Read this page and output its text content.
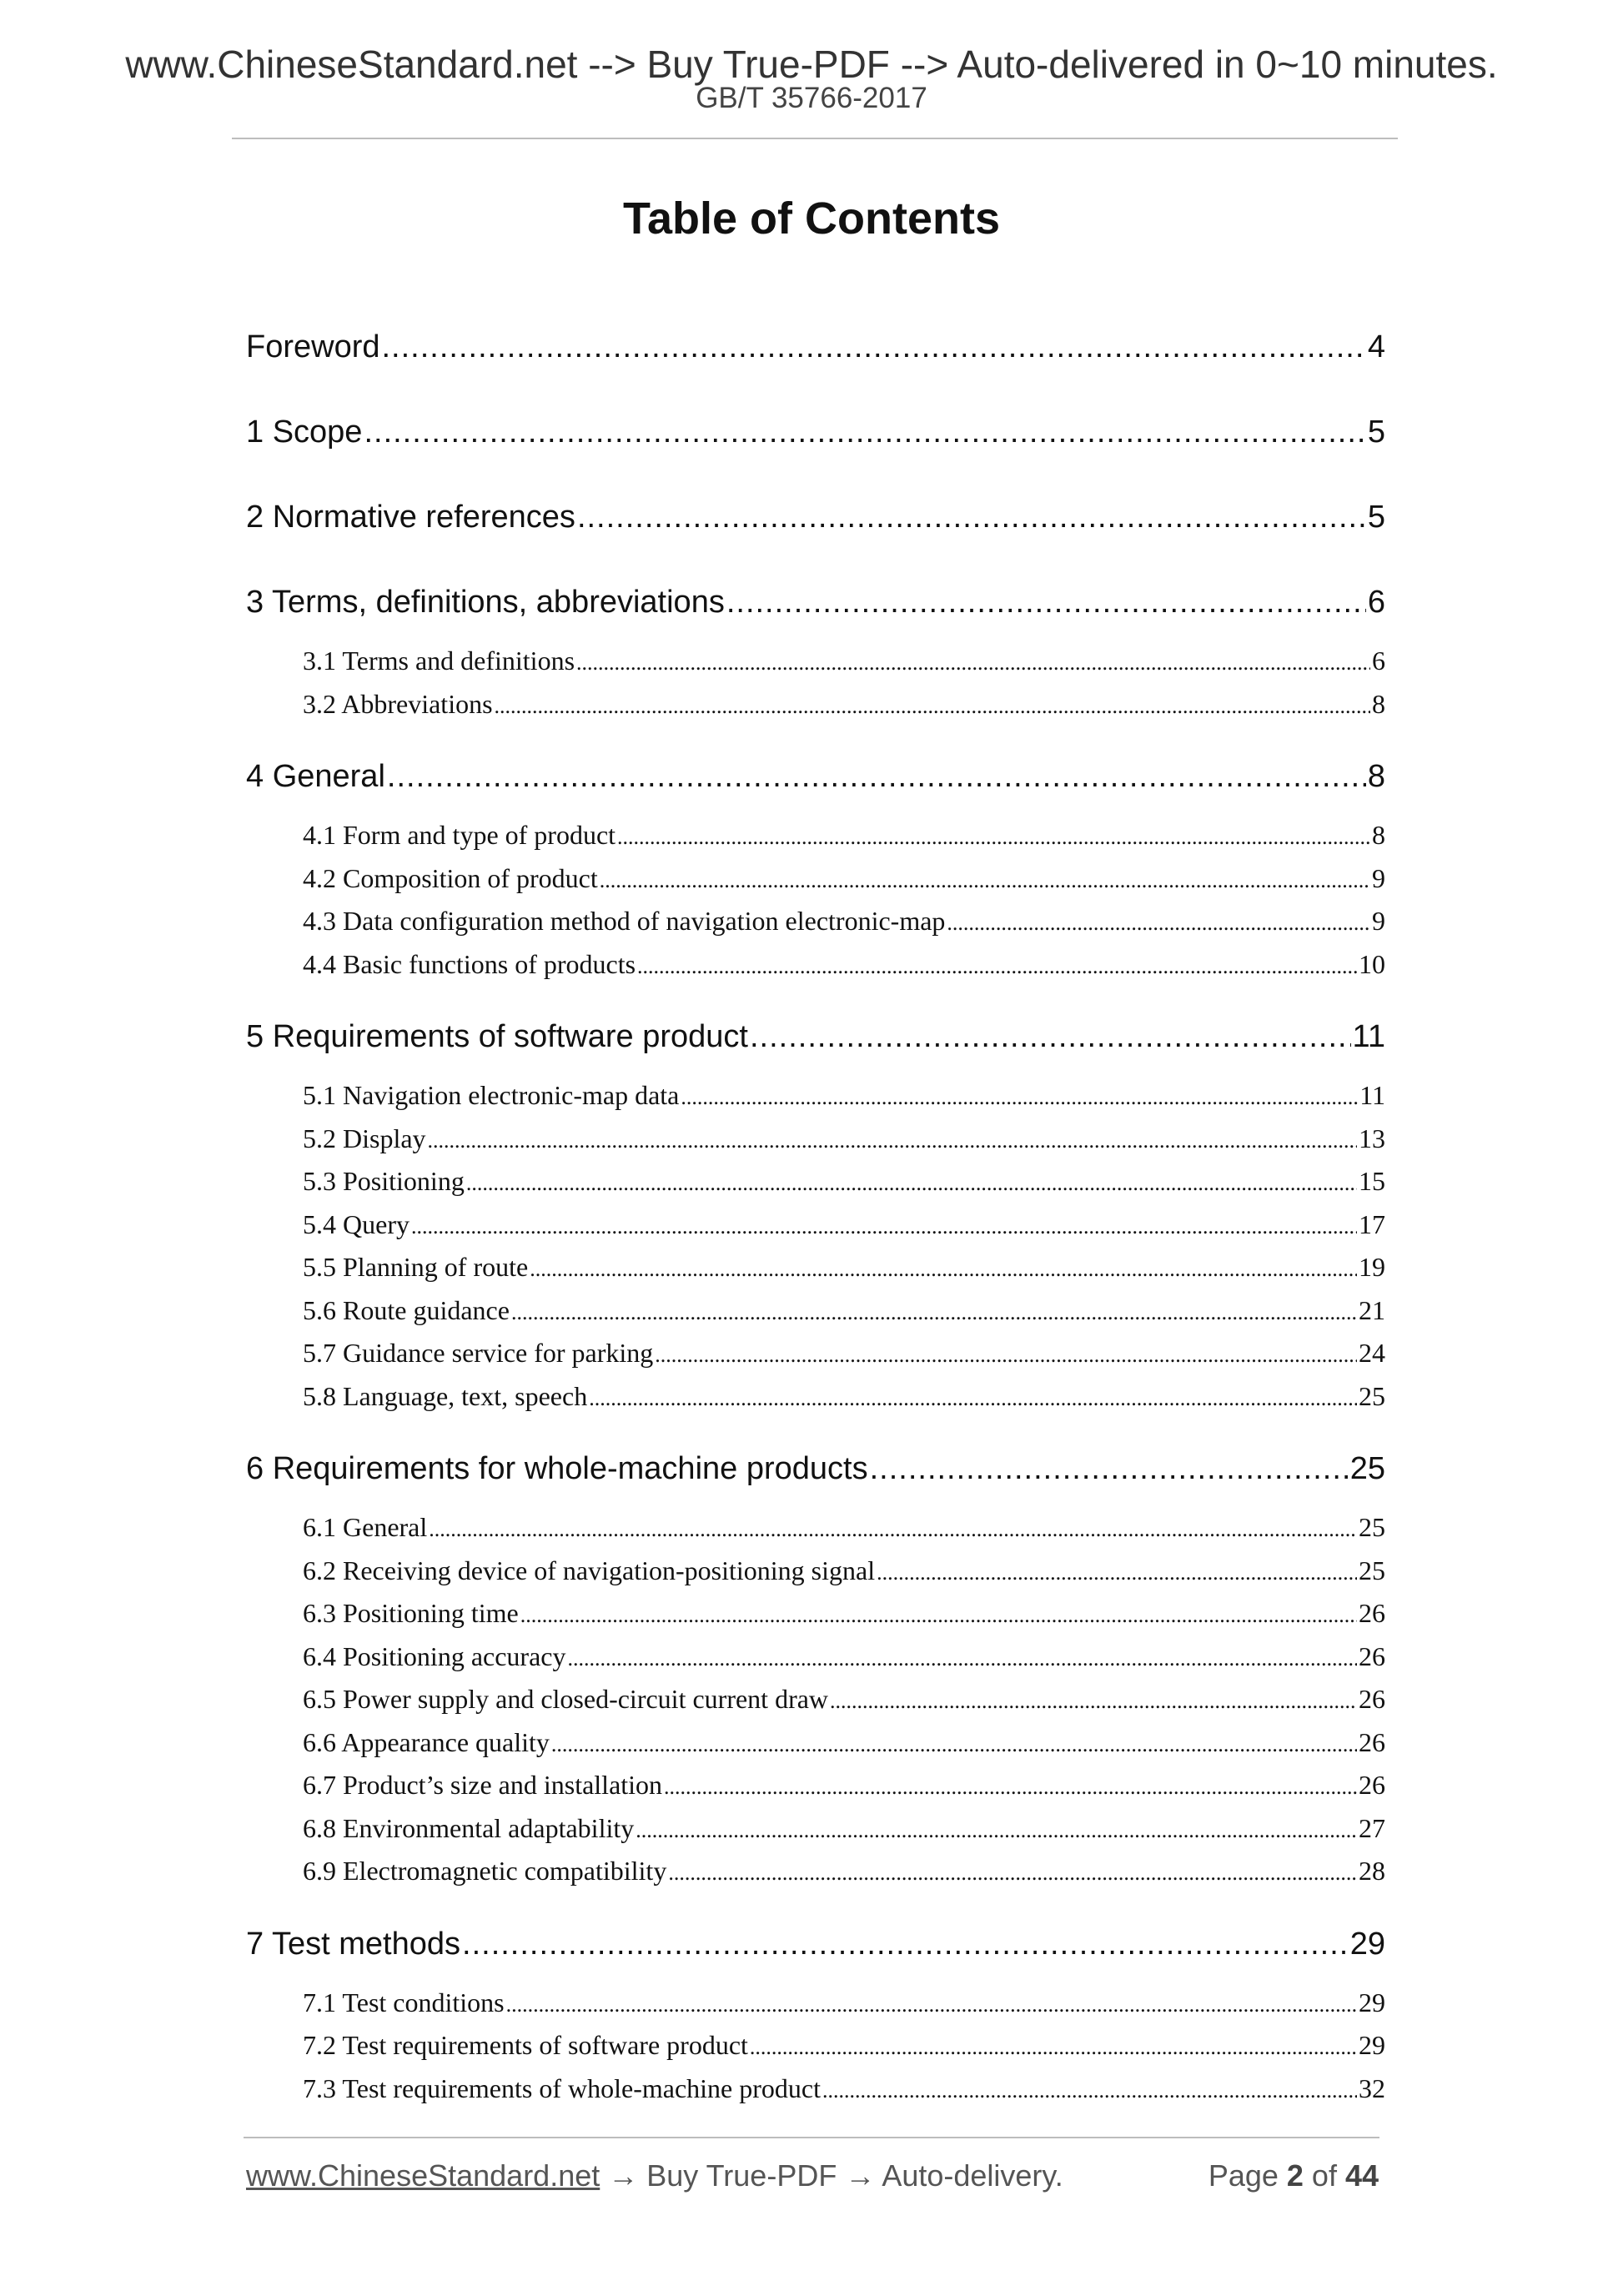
www.ChineseStandard.net --> Buy True-PDF --> Auto-delivered in 0~10 minutes.
GB/T 35766-2017
Table of Contents
Foreword .....	4
1 Scope .....	5
2 Normative references .....	5
3 Terms, definitions, abbreviations .....	6
3.1 Terms and definitions .....	6
3.2 Abbreviations .....	8
4 General .....	8
4.1 Form and type of product .....	8
4.2 Composition of product .....	9
4.3 Data configuration method of navigation electronic-map .....	9
4.4 Basic functions of products .....	10
5 Requirements of software product .....	11
5.1 Navigation electronic-map data .....	11
5.2 Display .....	13
5.3 Positioning .....	15
5.4 Query .....	17
5.5 Planning of route .....	19
5.6 Route guidance .....	21
5.7 Guidance service for parking .....	24
5.8 Language, text, speech .....	25
6 Requirements for whole-machine products .....	25
6.1 General .....	25
6.2 Receiving device of navigation-positioning signal .....	25
6.3 Positioning time .....	26
6.4 Positioning accuracy .....	26
6.5 Power supply and closed-circuit current draw .....	26
6.6 Appearance quality .....	26
6.7 Product’s size and installation .....	26
6.8 Environmental adaptability .....	27
6.9 Electromagnetic compatibility .....	28
7 Test methods .....	29
7.1 Test conditions .....	29
7.2 Test requirements of software product .....	29
7.3 Test requirements of whole-machine product .....	32
www.ChineseStandard.net → Buy True-PDF → Auto-delivery.	Page 2 of 44
